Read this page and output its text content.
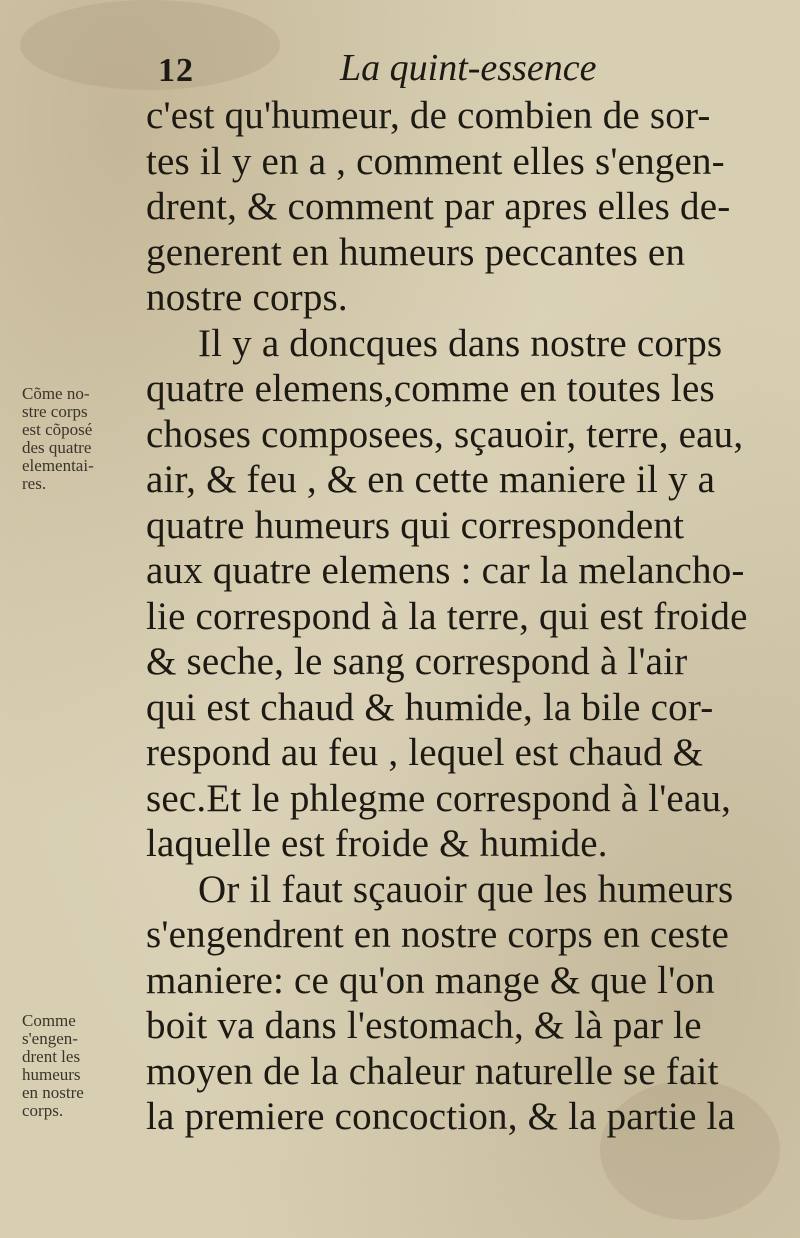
12	La quint-essence
c'est qu'humeur, de combien de sor-
tes il y en a , comment elles s'engen-
drent, & comment par apres elles de-
generent en humeurs peccantes en
nostre corps.
Il y a doncques dans nostre corps
quatre elemens,comme en toutes les
choses composees, sçauoir, terre, eau,
air, & feu , & en cette maniere il y a
quatre humeurs qui correspondent
aux quatre elemens : car la melancho-
lie correspond à la terre, qui est froide
& seche, le sang correspond à l'air
qui est chaud & humide, la bile cor-
respond au feu , lequel est chaud &
sec.Et le phlegme correspond à l'eau,
laquelle est froide & humide.
Or il faut sçauoir que les humeurs
s'engendrent en nostre corps en ceste
maniere: ce qu'on mange & que l'on
boit va dans l'estomach, & là par le
moyen de la chaleur naturelle se fait
la premiere concoction, & la partie la
Cõme no-
stre corps
est cõposé
des quatre
elementai-
res.
Comme
s'engen-
drent les
humeurs
en nostre
corps.
